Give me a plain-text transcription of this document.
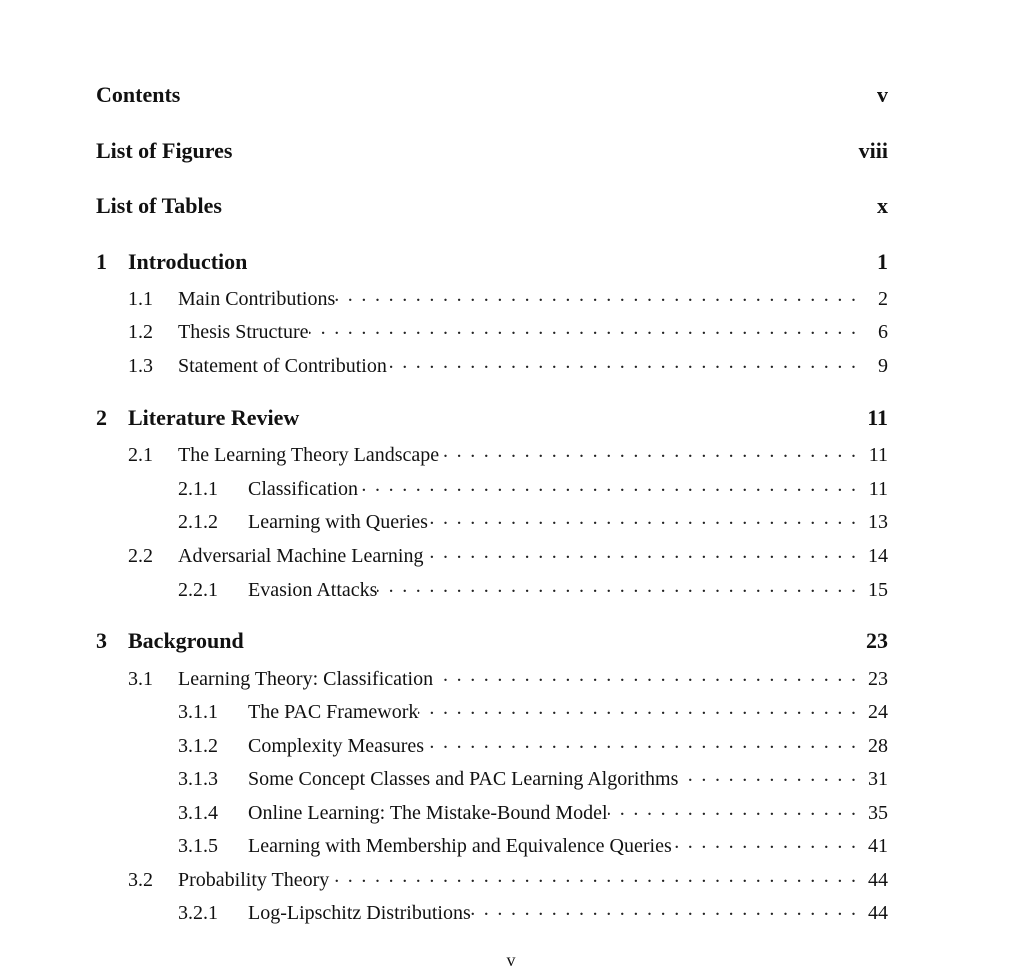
Contents	v
List of Figures	viii
List of Tables	x
1 Introduction	1
1.1	Main Contributions . . .	2
1.2	Thesis Structure . . .	6
1.3	Statement of Contribution . . .	9
2 Literature Review	11
2.1	The Learning Theory Landscape . . .	11
2.1.1	Classification . . .	11
2.1.2	Learning with Queries . . .	13
2.2	Adversarial Machine Learning . . .	14
2.2.1	Evasion Attacks . . .	15
3 Background	23
3.1	Learning Theory: Classification . . .	23
3.1.1	The PAC Framework . . .	24
3.1.2	Complexity Measures . . .	28
3.1.3	Some Concept Classes and PAC Learning Algorithms . . .	31
3.1.4	Online Learning: The Mistake-Bound Model . . .	35
3.1.5	Learning with Membership and Equivalence Queries . . .	41
3.2	Probability Theory . . .	44
3.2.1	Log-Lipschitz Distributions . . .	44
v
